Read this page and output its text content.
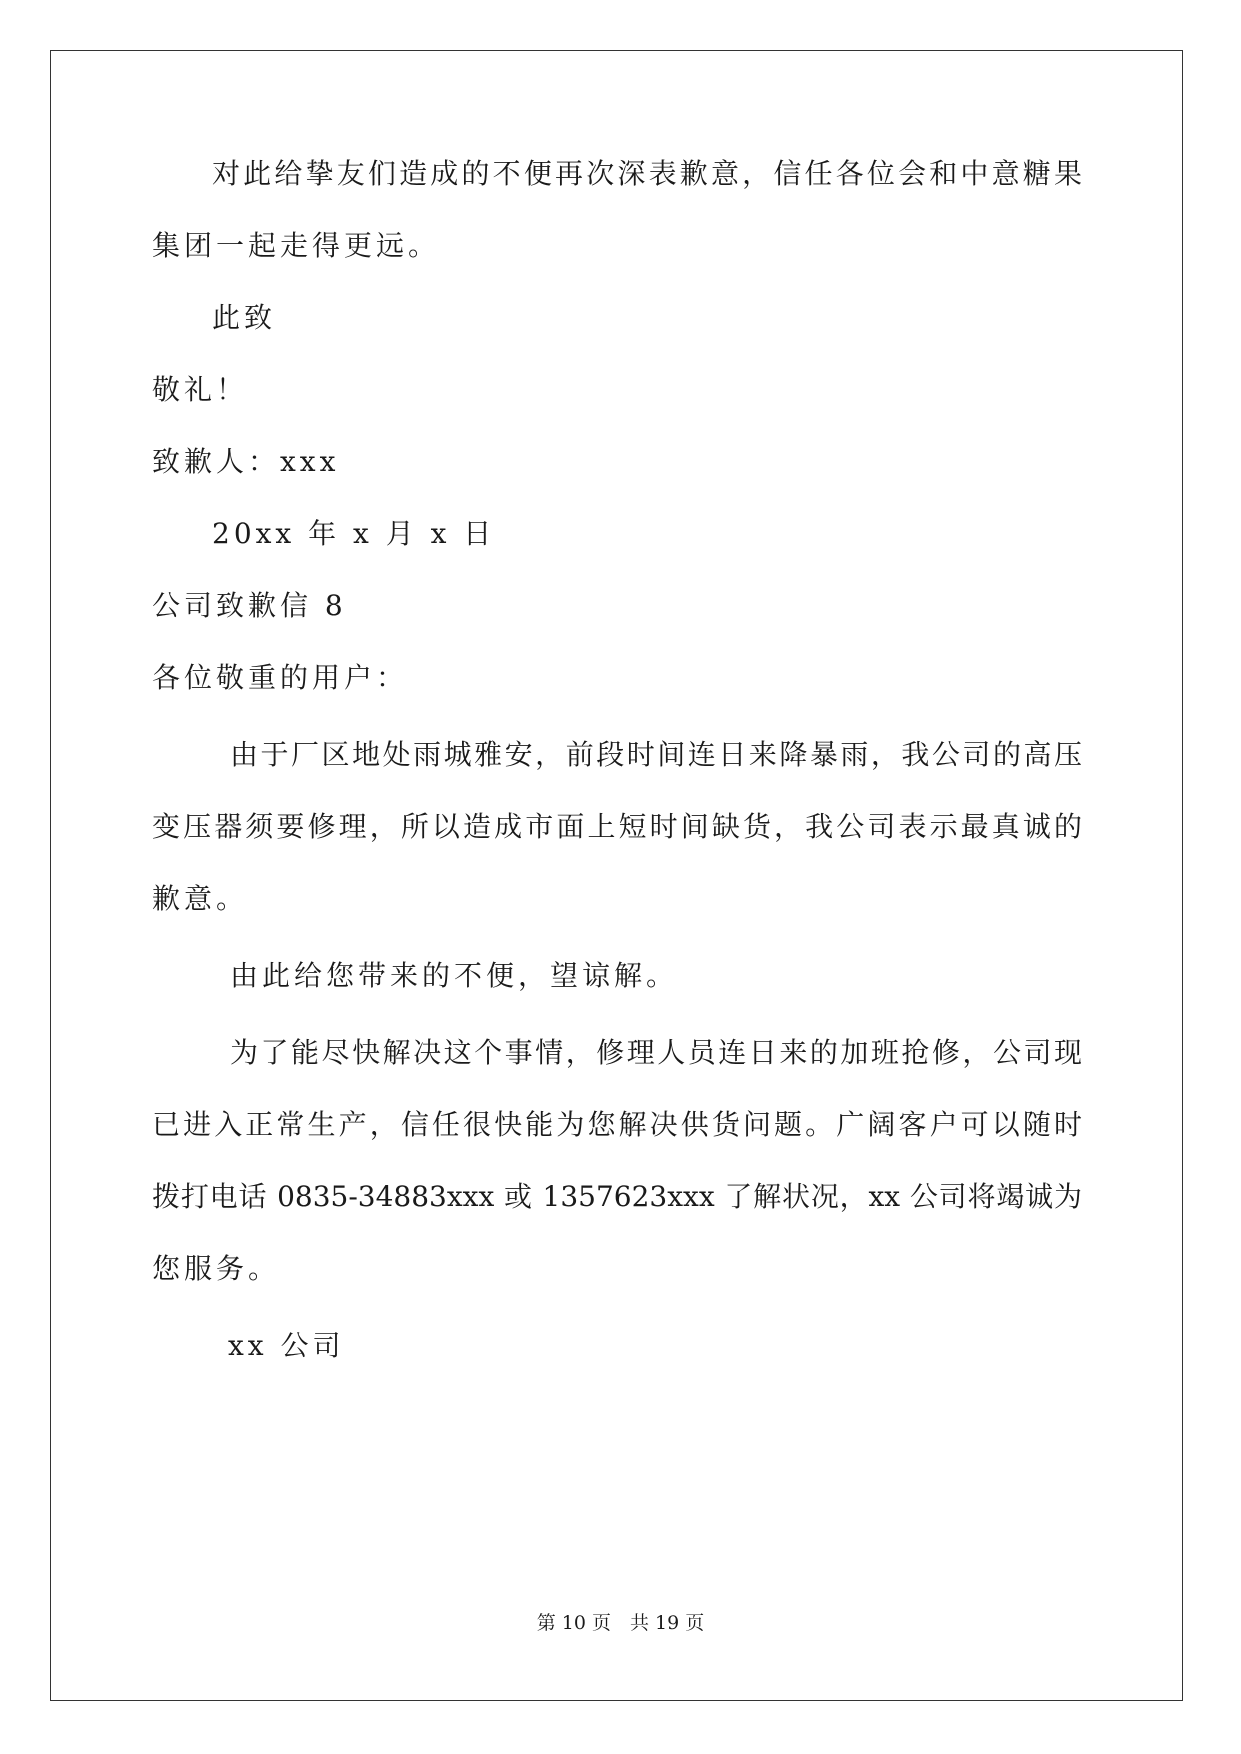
对此给挚友们造成的不便再次深表歉意，信任各位会和中意糖果
集团一起走得更远。
此致
敬礼！
致歉人：xxx
20xx 年 x 月 x 日
公司致歉信 8
各位敬重的用户：
由于厂区地处雨城雅安，前段时间连日来降暴雨，我公司的高压
变压器须要修理，所以造成市面上短时间缺货，我公司表示最真诚的
歉意。
由此给您带来的不便，望谅解。
为了能尽快解决这个事情，修理人员连日来的加班抢修，公司现
已进入正常生产，信任很快能为您解决供货问题。广阔客户可以随时
拨打电话 0835-34883xxx 或 1357623xxx 了解状况，xx 公司将竭诚为
您服务。
xx 公司
第 10 页　共 19 页
